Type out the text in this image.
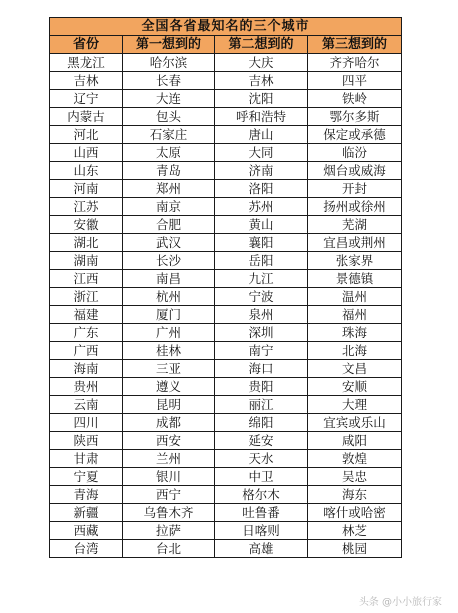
全国各省最知名的三个城市			
省份	第一想到的	第二想到的	第三想到的
黑龙江	哈尔滨	大庆	齐齐哈尔
吉林	长春	吉林	四平
辽宁	大连	沈阳	铁岭
内蒙古	包头	呼和浩特	鄂尔多斯
河北	石家庄	唐山	保定或承德
山西	太原	大同	临汾
山东	青岛	济南	烟台或威海
河南	郑州	洛阳	开封
江苏	南京	苏州	扬州或徐州
安徽	合肥	黄山	芜湖
湖北	武汉	襄阳	宜昌或荆州
湖南	长沙	岳阳	张家界
江西	南昌	九江	景德镇
浙江	杭州	宁波	温州
福建	厦门	泉州	福州
广东	广州	深圳	珠海
广西	桂林	南宁	北海
海南	三亚	海口	文昌
贵州	遵义	贵阳	安顺
云南	昆明	丽江	大理
四川	成都	绵阳	宜宾或乐山
陕西	西安	延安	咸阳
甘肃	兰州	天水	敦煌
宁夏	银川	中卫	吴忠
青海	西宁	格尔木	海东
新疆	乌鲁木齐	吐鲁番	喀什或哈密
西藏	拉萨	日喀则	林芝
台湾	台北	高雄	桃园
头条 @小小旅行家
